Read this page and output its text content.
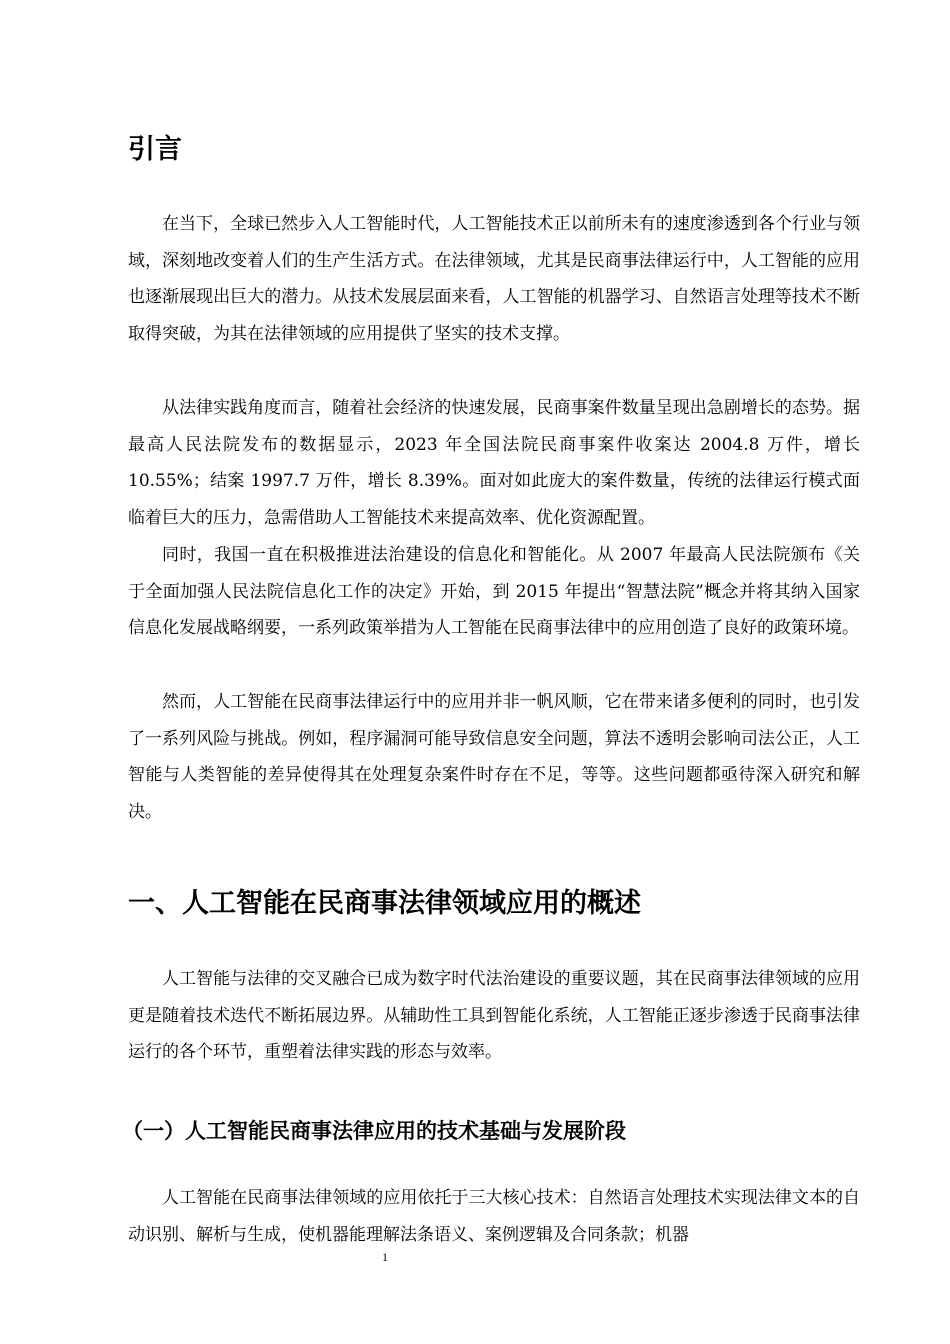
引言

在当下，全球已然步入人工智能时代，人工智能技术正以前所未有的速度渗透到各个行业与领域，深刻地改变着人们的生产生活方式。在法律领域，尤其是民商事法律运行中，人工智能的应用也逐渐展现出巨大的潜力。从技术发展层面来看，人工智能的机器学习、自然语言处理等技术不断取得突破，为其在法律领域的应用提供了坚实的技术支撑。

从法律实践角度而言，随着社会经济的快速发展，民商事案件数量呈现出急剧增长的态势。据最高人民法院发布的数据显示，2023 年全国法院民商事案件收案达 2004.8 万件，增长 10.55%；结案 1997.7 万件，增长 8.39%。面对如此庞大的案件数量，传统的法律运行模式面临着巨大的压力，急需借助人工智能技术来提高效率、优化资源配置。

同时，我国一直在积极推进法治建设的信息化和智能化。从 2007 年最高人民法院颁布《关于全面加强人民法院信息化工作的决定》开始，到 2015 年提出“智慧法院”概念并将其纳入国家信息化发展战略纲要，一系列政策举措为人工智能在民商事法律中的应用创造了良好的政策环境。

然而，人工智能在民商事法律运行中的应用并非一帆风顺，它在带来诸多便利的同时，也引发了一系列风险与挑战。例如，程序漏洞可能导致信息安全问题，算法不透明会影响司法公正，人工智能与人类智能的差异使得其在处理复杂案件时存在不足，等等。这些问题都亟待深入研究和解决。

一、人工智能在民商事法律领域应用的概述

人工智能与法律的交叉融合已成为数字时代法治建设的重要议题，其在民商事法律领域的应用更是随着技术迭代不断拓展边界。从辅助性工具到智能化系统，人工智能正逐步渗透于民商事法律运行的各个环节，重塑着法律实践的形态与效率。

（一）人工智能民商事法律应用的技术基础与发展阶段

人工智能在民商事法律领域的应用依托于三大核心技术：自然语言处理技术实现法律文本的自动识别、解析与生成，使机器能理解法条语义、案例逻辑及合同条款；机器

1
